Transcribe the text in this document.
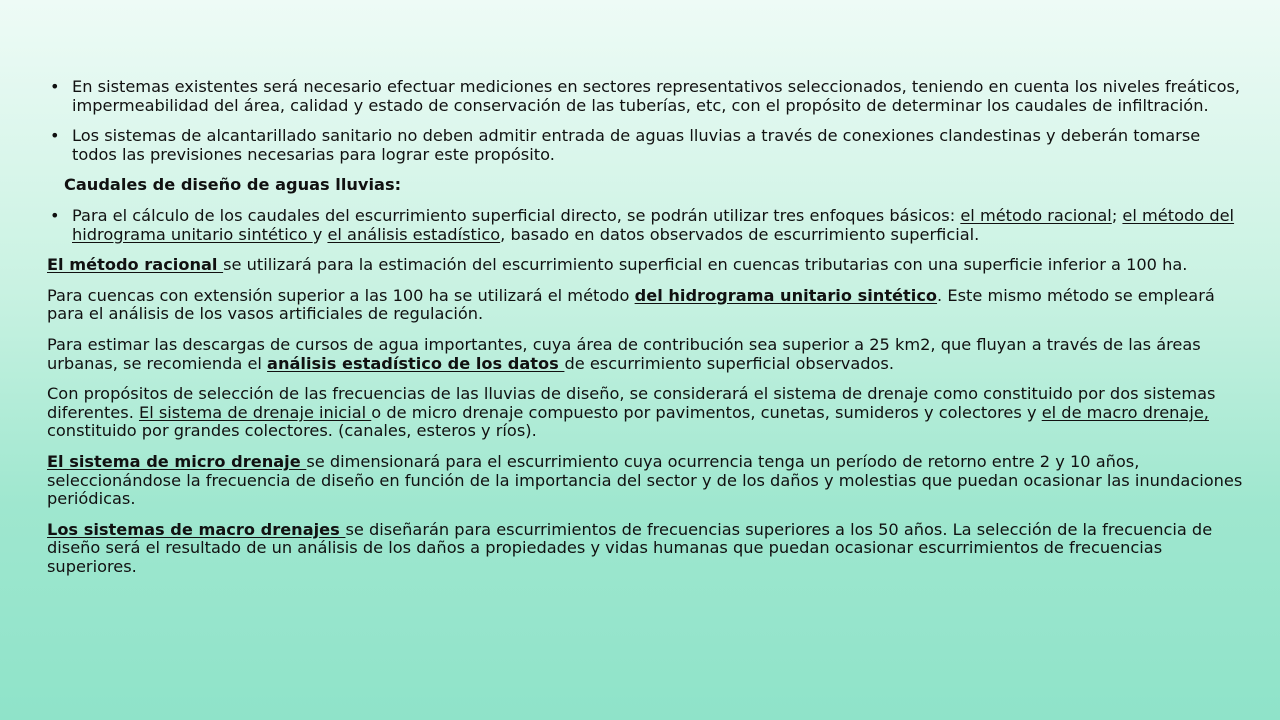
• En sistemas existentes será necesario efectuar mediciones en sectores representativos seleccionados, teniendo en cuenta los niveles freáticos, impermeabilidad del área, calidad y estado de conservación de las tuberías, etc, con el propósito de determinar los caudales de infiltración.
• Los sistemas de alcantarillado sanitario no deben admitir entrada de aguas lluvias a través de conexiones clandestinas y deberán tomarse todos las previsiones necesarias para lograr este propósito.
Caudales de diseño de aguas lluvias:
• Para el cálculo de los caudales del escurrimiento superficial directo, se podrán utilizar tres enfoques básicos: el método racional; el método del hidrograma unitario sintético y el análisis estadístico, basado en datos observados de escurrimiento superficial.
El método racional se utilizará para la estimación del escurrimiento superficial en cuencas tributarias con una superficie inferior a 100 ha.
Para cuencas con extensión superior a las 100 ha se utilizará el método del hidrograma unitario sintético. Este mismo método se empleará para el análisis de los vasos artificiales de regulación.
Para estimar las descargas de cursos de agua importantes, cuya área de contribución sea superior a 25 km2, que fluyan a través de las áreas urbanas, se recomienda el análisis estadístico de los datos de escurrimiento superficial observados.
Con propósitos de selección de las frecuencias de las lluvias de diseño, se considerará el sistema de drenaje como constituido por dos sistemas diferentes. El sistema de drenaje inicial o de micro drenaje compuesto por pavimentos, cunetas, sumideros y colectores y el de macro drenaje, constituido por grandes colectores. (canales, esteros y ríos).
El sistema de micro drenaje se dimensionará para el escurrimiento cuya ocurrencia tenga un período de retorno entre 2 y 10 años, seleccionándose la frecuencia de diseño en función de la importancia del sector y de los daños y molestias que puedan ocasionar las inundaciones periódicas.
Los sistemas de macro drenajes se diseñarán para escurrimientos de frecuencias superiores a los 50 años. La selección de la frecuencia de diseño será el resultado de un análisis de los daños a propiedades y vidas humanas que puedan ocasionar escurrimientos de frecuencias superiores.
